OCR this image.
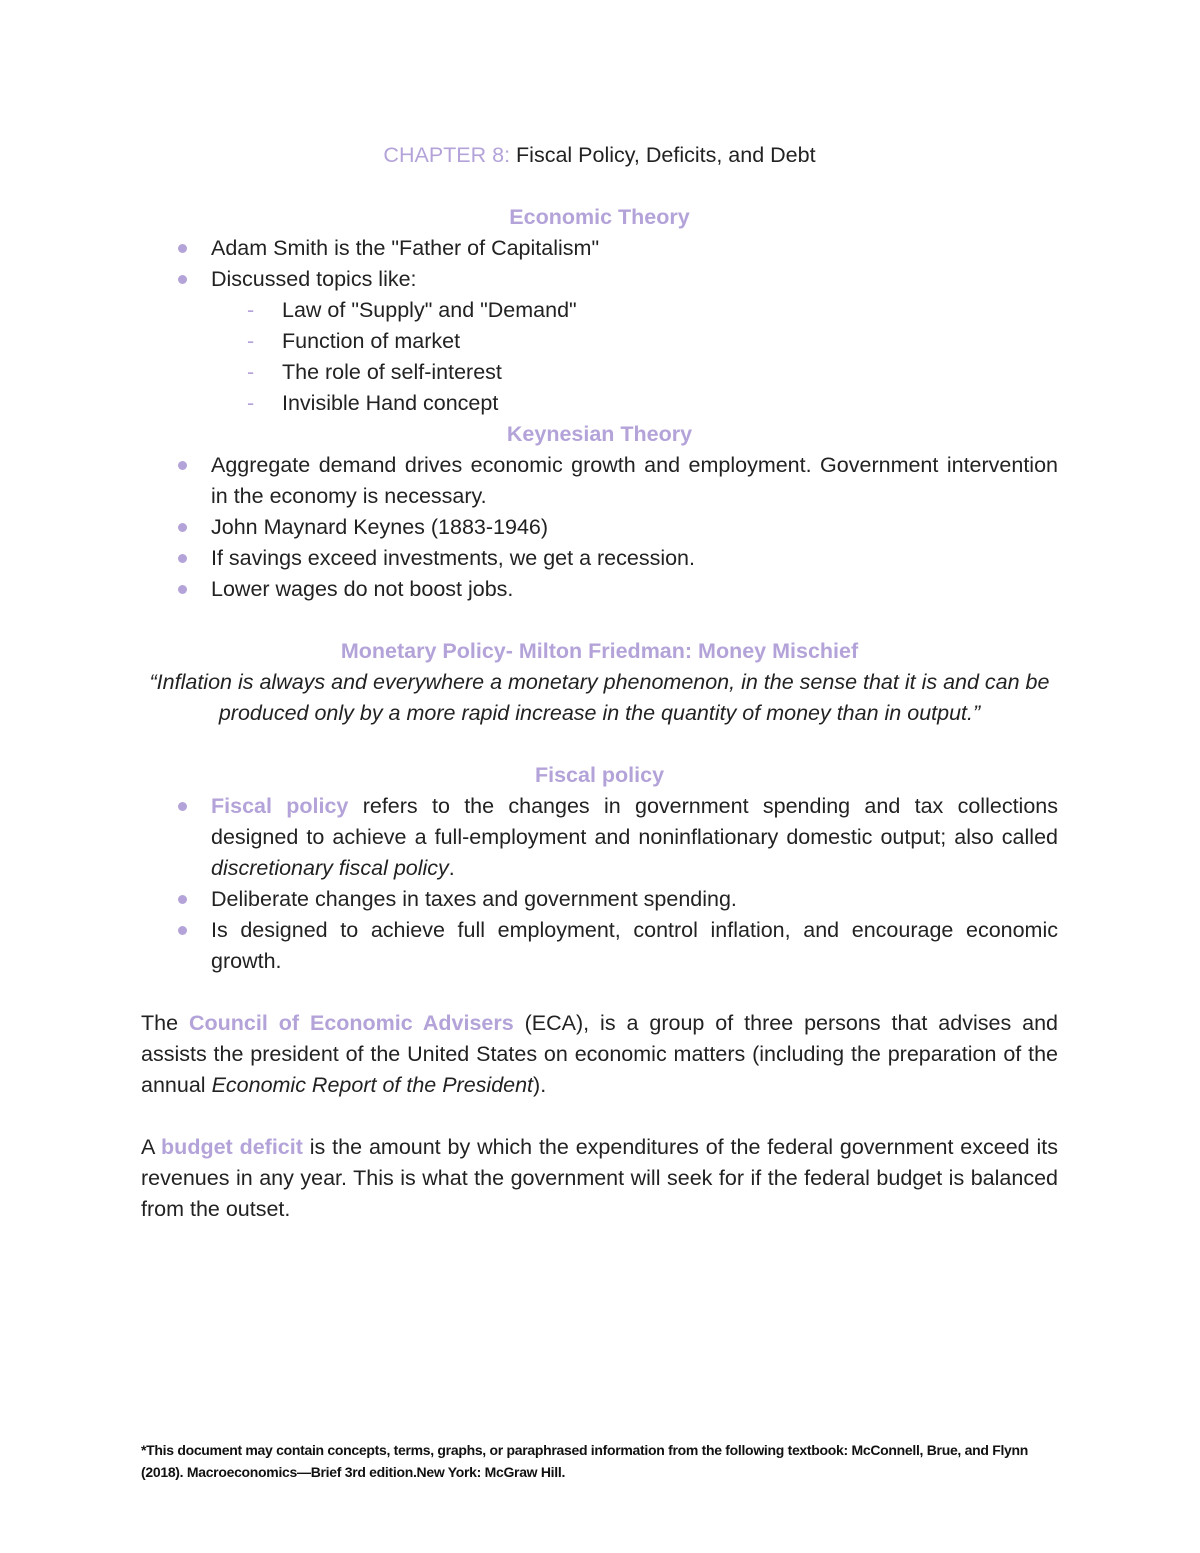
CHAPTER 8: Fiscal Policy, Deficits, and Debt
Economic Theory
Adam Smith is the "Father of Capitalism"
Discussed topics like:
- Law of "Supply" and "Demand"
- Function of market
- The role of self-interest
- Invisible Hand concept
Keynesian Theory
Aggregate demand drives economic growth and employment. Government intervention in the economy is necessary.
John Maynard Keynes (1883-1946)
If savings exceed investments, we get a recession.
Lower wages do not boost jobs.
Monetary Policy- Milton Friedman: Money Mischief
“Inflation is always and everywhere a monetary phenomenon, in the sense that it is and can be produced only by a more rapid increase in the quantity of money than in output.”
Fiscal policy
Fiscal policy refers to the changes in government spending and tax collections designed to achieve a full-employment and noninflationary domestic output; also called discretionary fiscal policy.
Deliberate changes in taxes and government spending.
Is designed to achieve full employment, control inflation, and encourage economic growth.

The Council of Economic Advisers (ECA), is a group of three persons that advises and assists the president of the United States on economic matters (including the preparation of the annual Economic Report of the President).

A budget deficit is the amount by which the expenditures of the federal government exceed its revenues in any year. This is what the government will seek for if the federal budget is balanced from the outset.

*This document may contain concepts, terms, graphs, or paraphrased information from the following textbook: McConnell, Brue, and Flynn (2018). Macroeconomics—Brief 3rd edition.New York: McGraw Hill.
